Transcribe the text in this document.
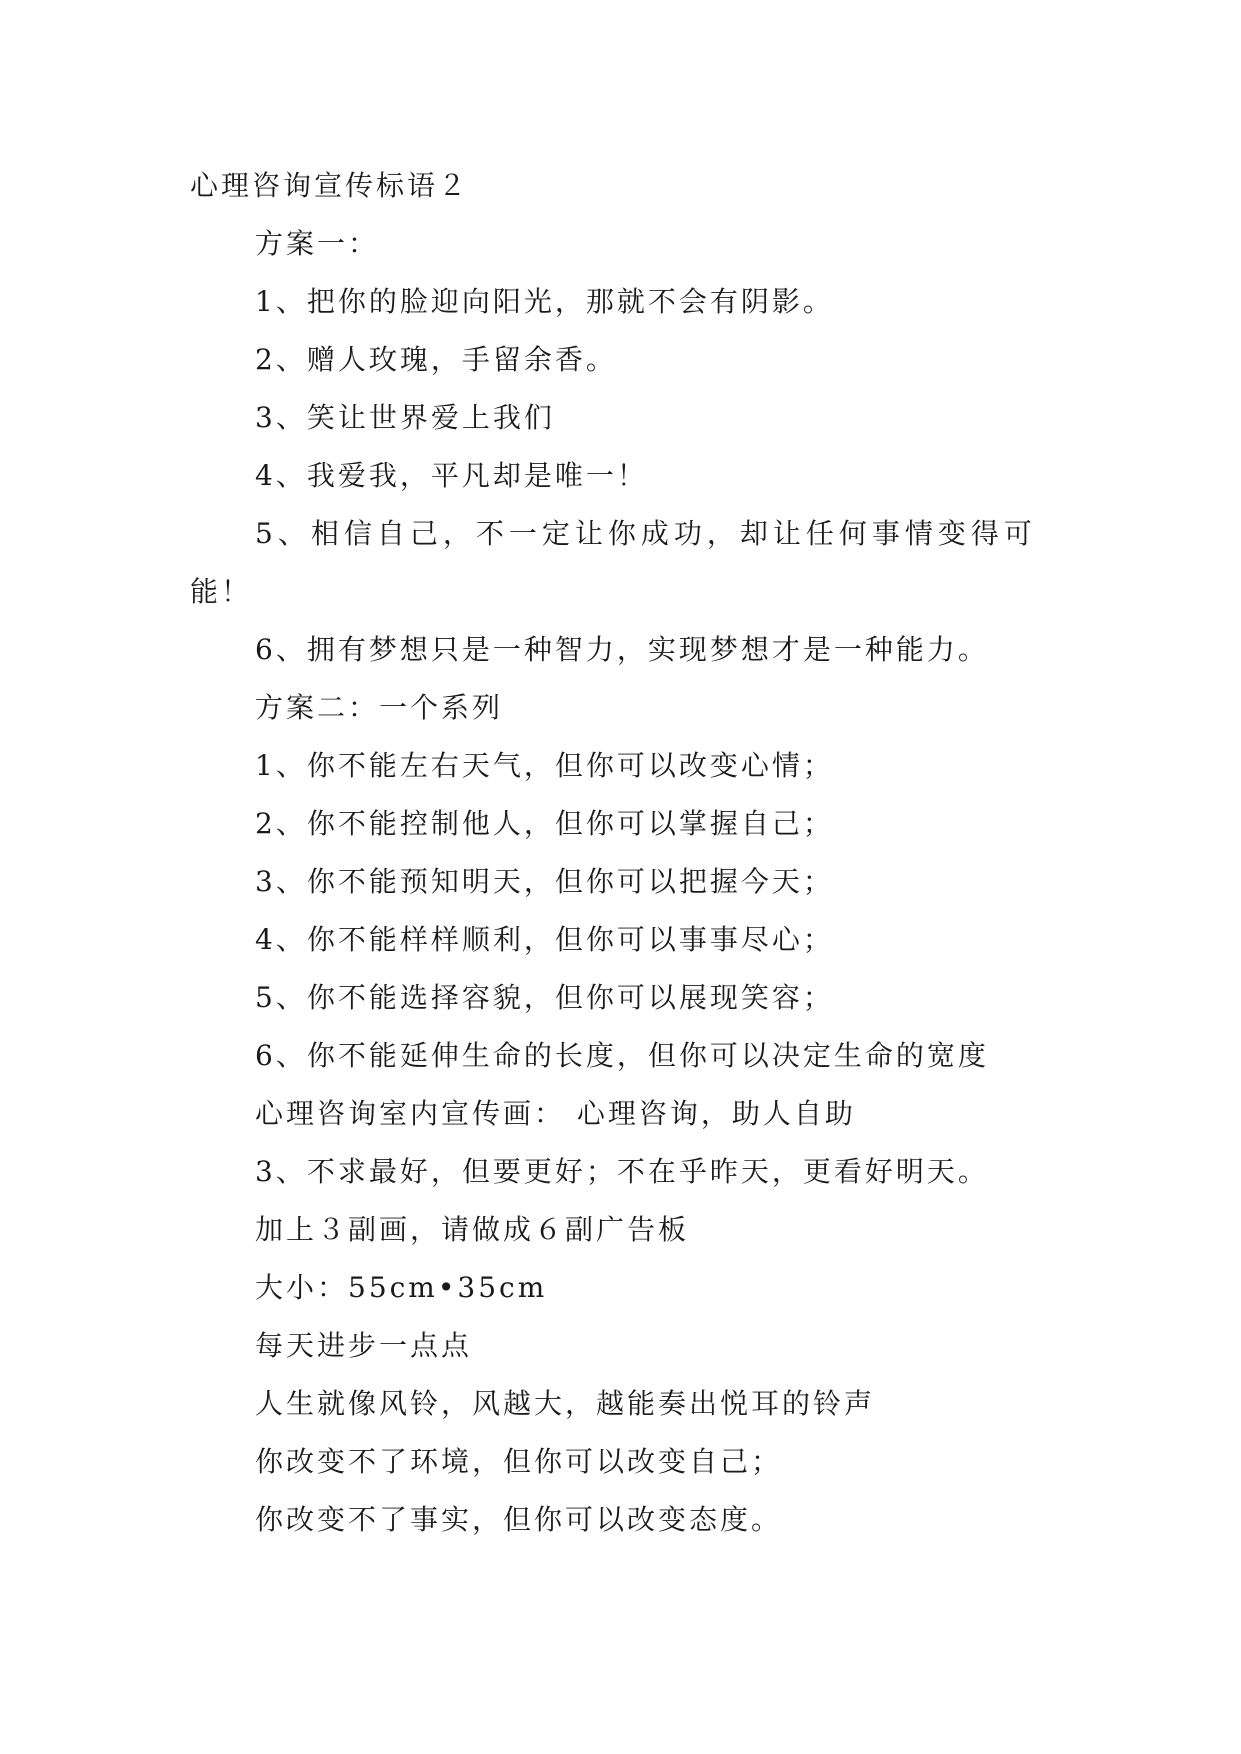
心理咨询宣传标语２
方案一：
1、把你的脸迎向阳光，那就不会有阴影。
2、赠人玫瑰，手留余香。
3、笑让世界爱上我们
4、我爱我，平凡却是唯一！
5、相信自己，不一定让你成功，却让任何事情变得可
能！
6、拥有梦想只是一种智力，实现梦想才是一种能力。
方案二：一个系列
1、你不能左右天气，但你可以改变心情；
2、你不能控制他人，但你可以掌握自己；
3、你不能预知明天，但你可以把握今天；
4、你不能样样顺利，但你可以事事尽心；
5、你不能选择容貌，但你可以展现笑容；
6、你不能延伸生命的长度，但你可以决定生命的宽度
心理咨询室内宣传画： 心理咨询，助人自助
3、不求最好，但要更好；不在乎昨天，更看好明天。
加上３副画，请做成６副广告板
大小：55cm•35cm
每天进步一点点
人生就像风铃，风越大，越能奏出悦耳的铃声
你改变不了环境，但你可以改变自己；
你改变不了事实，但你可以改变态度。
